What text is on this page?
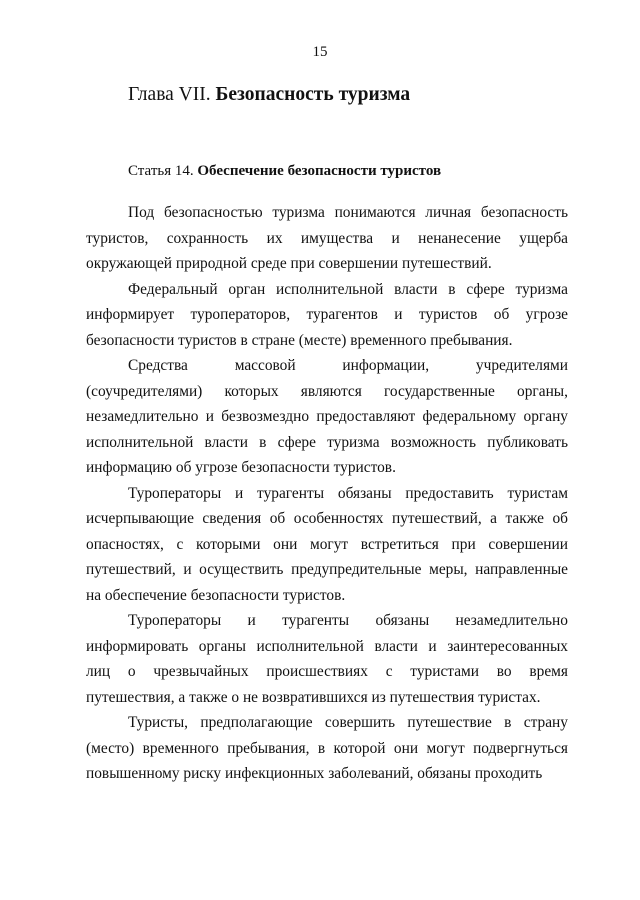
15
Глава VII. Безопасность туризма
Статья 14. Обеспечение безопасности туристов
Под безопасностью туризма понимаются личная безопасность
туристов, сохранность их имущества и ненанесение ущерба
окружающей природной среде при совершении путешествий.
Федеральный орган исполнительной власти в сфере туризма
информирует туроператоров, турагентов и туристов об угрозе
безопасности туристов в стране (месте) временного пребывания.
Средства массовой информации, учредителями
(соучредителями) которых являются государственные органы,
незамедлительно и безвозмездно предоставляют федеральному органу
исполнительной власти в сфере туризма возможность публиковать
информацию об угрозе безопасности туристов.
Туроператоры и турагенты обязаны предоставить туристам
исчерпывающие сведения об особенностях путешествий, а также об
опасностях, с которыми они могут встретиться при совершении
путешествий, и осуществить предупредительные меры, направленные
на обеспечение безопасности туристов.
Туроператоры и турагенты обязаны незамедлительно
информировать органы исполнительной власти и заинтересованных
лиц о чрезвычайных происшествиях с туристами во время
путешествия, а также о не возвратившихся из путешествия туристах.
Туристы, предполагающие совершить путешествие в страну
(место) временного пребывания, в которой они могут подвергнуться
повышенному риску инфекционных заболеваний, обязаны проходить
